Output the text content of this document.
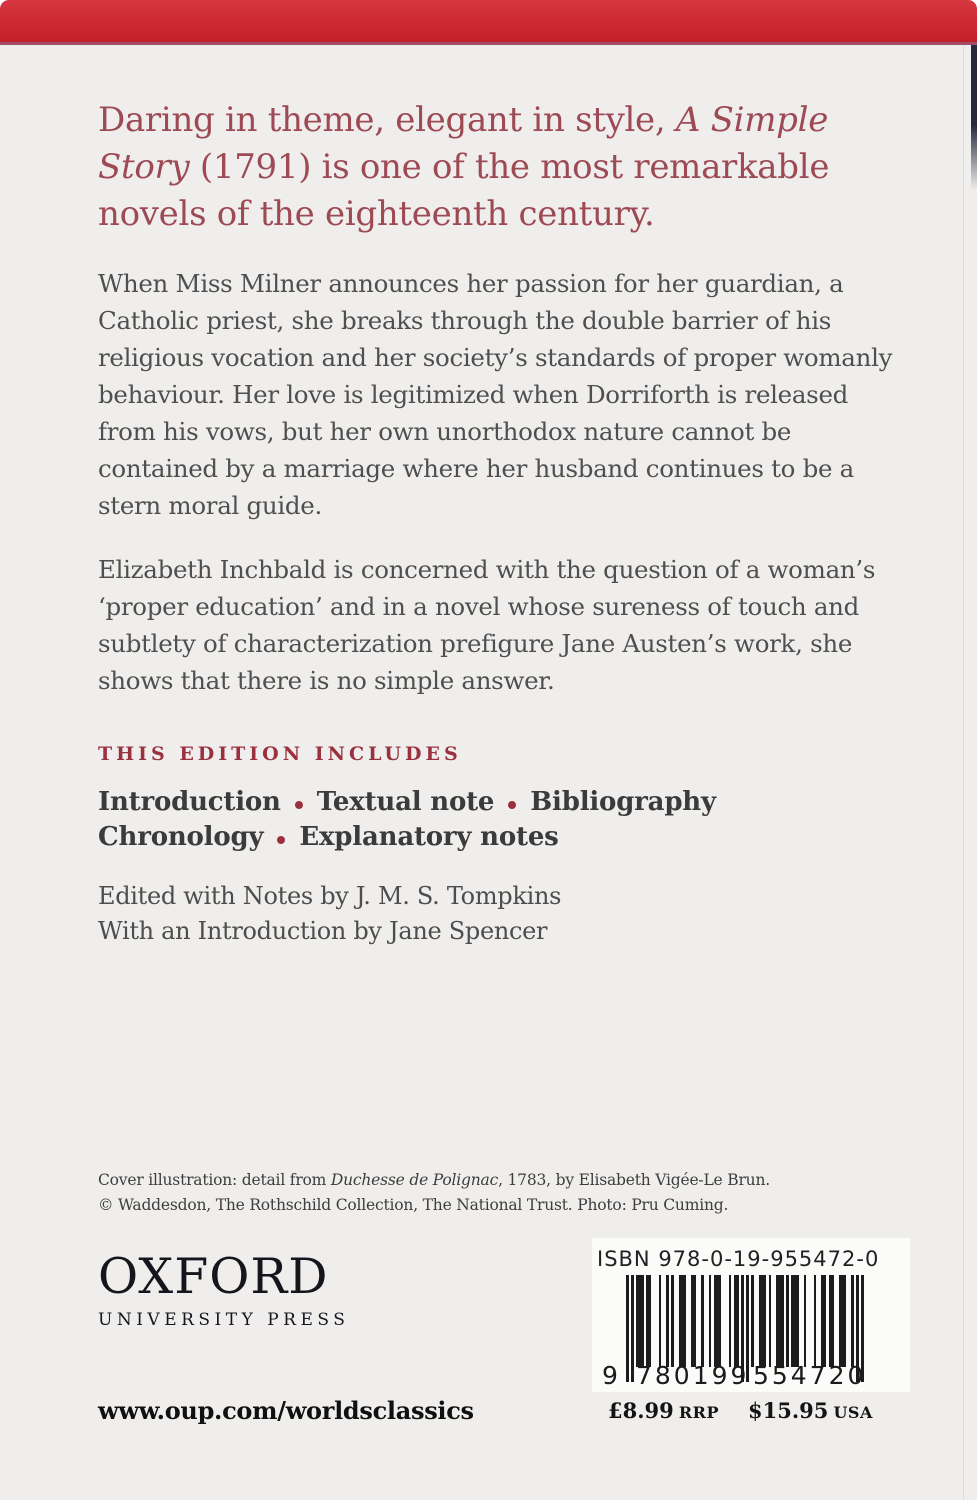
Daring in theme, elegant in style, A Simple
Story (1791) is one of the most remarkable
novels of the eighteenth century.

When Miss Milner announces her passion for her guardian, a Catholic priest, she breaks through the double barrier of his religious vocation and her society’s standards of proper womanly behaviour. Her love is legitimized when Dorriforth is released from his vows, but her own unorthodox nature cannot be contained by a marriage where her husband continues to be a stern moral guide.

Elizabeth Inchbald is concerned with the question of a woman’s ‘proper education’ and in a novel whose sureness of touch and subtlety of characterization prefigure Jane Austen’s work, she shows that there is no simple answer.

THIS EDITION INCLUDES
Introduction Textual note Bibliography
Chronology Explanatory notes
Edited with Notes by J. M. S. Tompkins
With an Introduction by Jane Spencer
Cover illustration: detail from Duchesse de Polignac, 1783, by Elisabeth Vigée-Le Brun.
© Waddesdon, The Rothschild Collection, The National Trust. Photo: Pru Cuming.
OXFORD
UNIVERSITY PRESS
ISBN 978-0-19-955472-0
9 780199 554720
www.oup.com/worldsclassics	£8.99 RRP $15.95 USA
